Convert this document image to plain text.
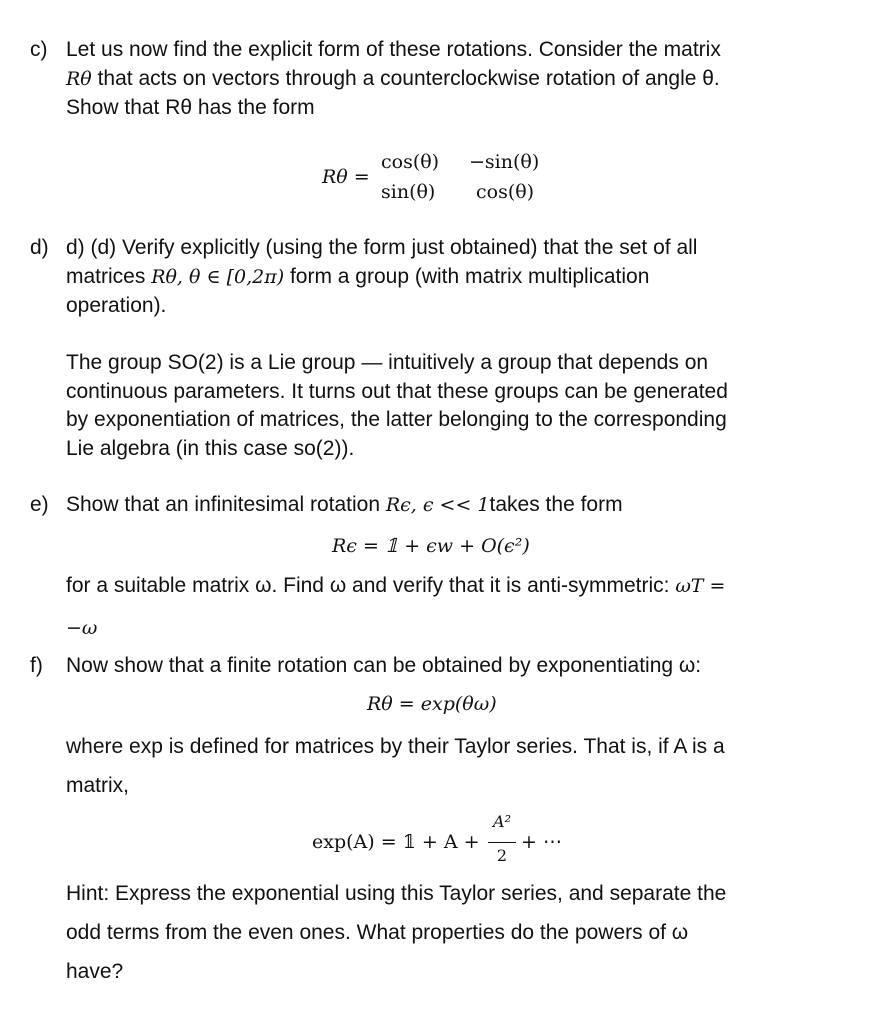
c) Let us now find the explicit form of these rotations. Consider the matrix
Rθ that acts on vectors through a counterclockwise rotation of angle θ.
Show that Rθ has the form
Rθ =
cos(θ) −sin(θ)
sin(θ) cos(θ)
d) d) (d) Verify explicitly (using the form just obtained) that the set of all
matrices Rθ, θ ∈ [0,2π) form a group (with matrix multiplication
operation).
The group SO(2) is a Lie group — intuitively a group that depends on
continuous parameters. It turns out that these groups can be generated
by exponentiation of matrices, the latter belonging to the corresponding
Lie algebra (in this case so(2)).
e) Show that an infinitesimal rotation Rϵ, ϵ << 1takes the form
Rϵ = 𝟙 + ϵw + O(ϵ²)
for a suitable matrix ω. Find ω and verify that it is anti-symmetric: ωT =
−ω
f) Now show that a finite rotation can be obtained by exponentiating ω:
Rθ = exp(θω)
where exp is defined for matrices by their Taylor series. That is, if A is a
matrix,
exp(A) = 𝟙 + A +
A²
2
+ ⋯
Hint: Express the exponential using this Taylor series, and separate the
odd terms from the even ones. What properties do the powers of ω
have?
